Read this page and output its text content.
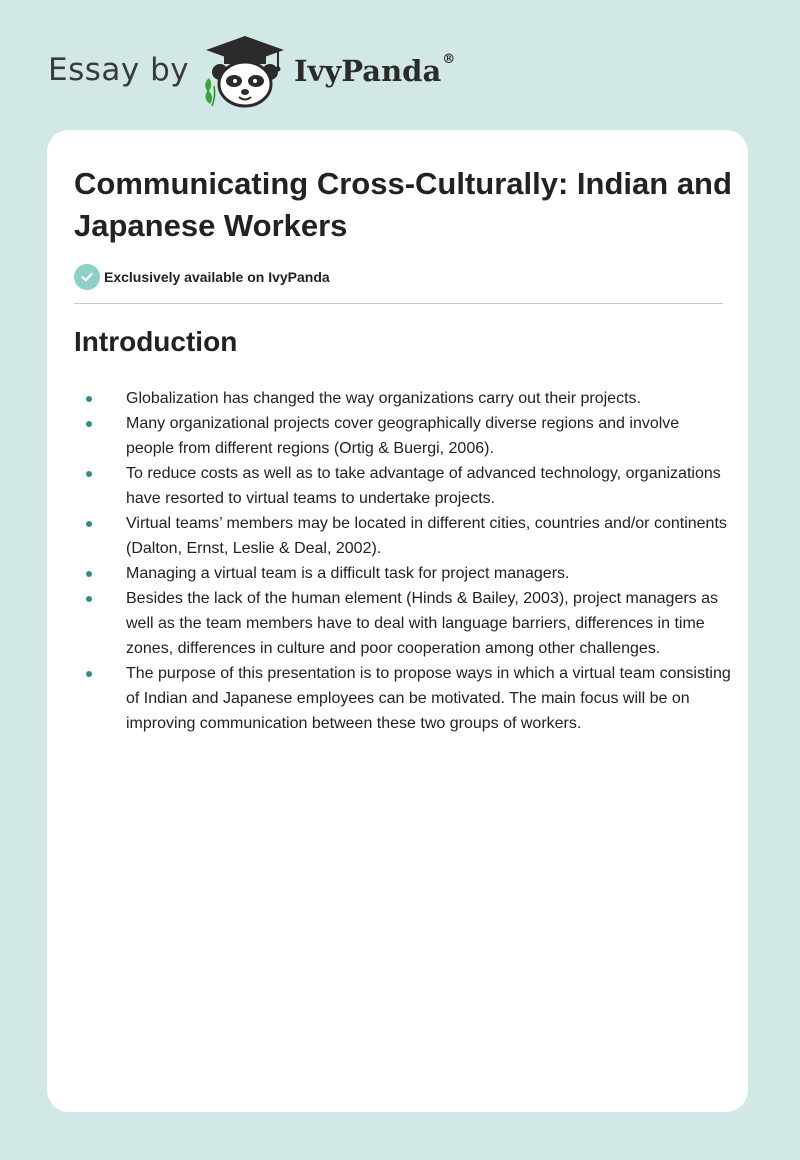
Essay by	IvyPanda®
Communicating Cross-Culturally: Indian and Japanese Workers
Exclusively available on IvyPanda
Introduction
Globalization has changed the way organizations carry out their projects.
Many organizational projects cover geographically diverse regions and involve people from different regions (Ortig & Buergi, 2006).
To reduce costs as well as to take advantage of advanced technology, organizations have resorted to virtual teams to undertake projects.
Virtual teams’ members may be located in different cities, countries and/or continents (Dalton, Ernst, Leslie & Deal, 2002).
Managing a virtual team is a difficult task for project managers.
Besides the lack of the human element (Hinds & Bailey, 2003), project managers as well as the team members have to deal with language barriers, differences in time zones, differences in culture and poor cooperation among other challenges.
The purpose of this presentation is to propose ways in which a virtual team consisting of Indian and Japanese employees can be motivated. The main focus will be on improving communication between these two groups of workers.
